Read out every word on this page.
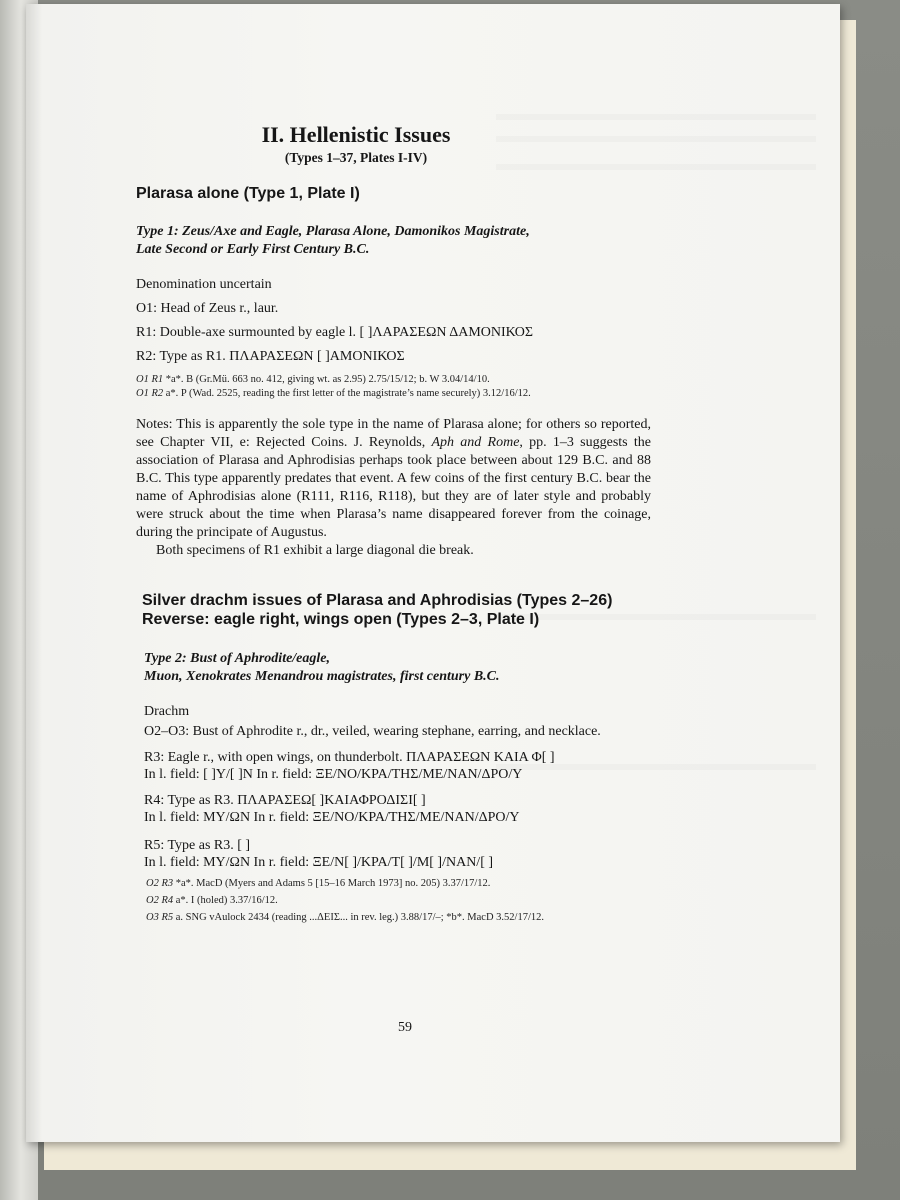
II. Hellenistic Issues
(Types 1–37, Plates I-IV)
Plarasa alone (Type 1, Plate I)
Type 1: Zeus/Axe and Eagle, Plarasa Alone, Damonikos Magistrate,
Late Second or Early First Century B.C.
Denomination uncertain
O1: Head of Zeus r., laur.
R1: Double-axe surmounted by eagle l. [ ]ΛΑΡΑΣΕΩΝ ΔΑΜΟΝΙΚΟΣ
R2: Type as R1. ΠΛΑΡΑΣΕΩΝ [ ]ΑΜΟΝΙΚΟΣ
O1 R1 *a*. B (Gr.Mü. 663 no. 412, giving wt. as 2.95) 2.75/15/12; b. W 3.04/14/10.
O1 R2 a*. P (Wad. 2525, reading the first letter of the magistrate’s name securely) 3.12/16/12.

Notes: This is apparently the sole type in the name of Plarasa alone; for others so reported, see Chapter VII, e: Rejected Coins. J. Reynolds, Aph and Rome, pp. 1–3 suggests the association of Plarasa and Aphrodisias perhaps took place between about 129 B.C. and 88 B.C. This type apparently predates that event. A few coins of the first century B.C. bear the name of Aphrodisias alone (R111, R116, R118), but they are of later style and probably were struck about the time when Plarasa’s name disappeared forever from the coinage, during the principate of Augustus.

Both specimens of R1 exhibit a large diagonal die break.

Silver drachm issues of Plarasa and Aphrodisias (Types 2–26)
Reverse: eagle right, wings open (Types 2–3, Plate I)
Type 2: Bust of Aphrodite/eagle,
Muon, Xenokrates Menandrou magistrates, first century B.C.
Drachm
O2–O3: Bust of Aphrodite r., dr., veiled, wearing stephane, earring, and necklace.
R3: Eagle r., with open wings, on thunderbolt. ΠΛΑΡΑΣΕΩΝ ΚΑΙΑ Φ[ ]
In l. field: [ ]Υ/[ ]Ν In r. field: ΞΕ/ΝΟ/ΚΡΑ/ΤΗΣ/ΜΕ/ΝΑΝ/ΔΡΟ/Υ
R4: Type as R3. ΠΛΑΡΑΣΕΩ[ ]ΚΑΙΑΦΡΟΔΙΣΙ[ ]
In l. field: ΜΥ/ΩΝ In r. field: ΞΕ/ΝΟ/ΚΡΑ/ΤΗΣ/ΜΕ/ΝΑΝ/ΔΡΟ/Υ
R5: Type as R3. [ ]
In l. field: ΜΥ/ΩΝ In r. field: ΞΕ/Ν[ ]/ΚΡΑ/Τ[ ]/Μ[ ]/ΝΑΝ/[ ]
O2 R3 *a*. MacD (Myers and Adams 5 [15–16 March 1973] no. 205) 3.37/17/12.
O2 R4 a*. I (holed) 3.37/16/12.
O3 R5 a. SNG vAulock 2434 (reading ...ΔΕΙΣ... in rev. leg.) 3.88/17/–; *b*. MacD 3.52/17/12.
59
